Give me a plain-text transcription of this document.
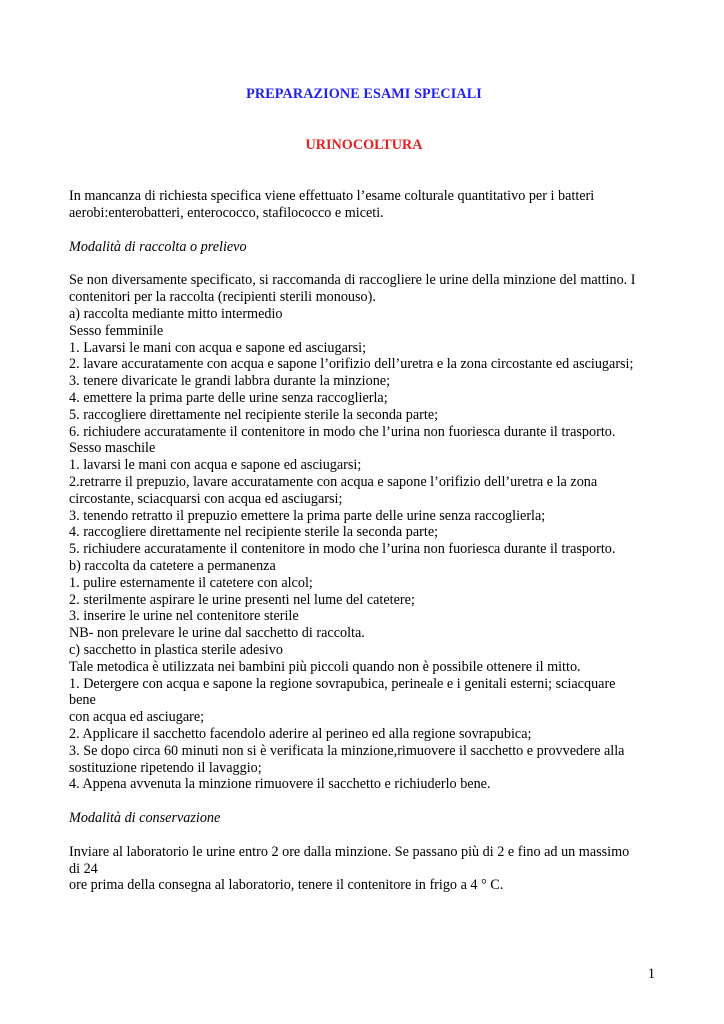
PREPARAZIONE ESAMI SPECIALI
URINOCOLTURA

In mancanza di richiesta specifica viene effettuato l’esame colturale quantitativo per i batteri

aerobi:enterobatteri, enterococco, stafilococco e miceti.

Modalità di raccolta o prelievo

Se non diversamente specificato, si raccomanda di raccogliere le urine della minzione del mattino. I

contenitori per la raccolta (recipienti sterili monouso).

a) raccolta mediante mitto intermedio

Sesso femminile

1. Lavarsi le mani con acqua e sapone ed asciugarsi;

2. lavare accuratamente con acqua e sapone l’orifizio dell’uretra e la zona circostante ed asciugarsi;

3. tenere divaricate le grandi labbra durante la minzione;

4. emettere la prima parte delle urine senza raccoglierla;

5. raccogliere direttamente nel recipiente sterile la seconda parte;

6. richiudere accuratamente il contenitore in modo che l’urina non fuoriesca durante il trasporto.

Sesso maschile

1. lavarsi le mani con acqua e sapone ed asciugarsi;

2.retrarre il prepuzio, lavare accuratamente con acqua e sapone l’orifizio dell’uretra e la zona

circostante, sciacquarsi con acqua ed asciugarsi;

3. tenendo retratto il prepuzio emettere la prima parte delle urine senza raccoglierla;

4. raccogliere direttamente nel recipiente sterile la seconda parte;

5. richiudere accuratamente il contenitore in modo che l’urina non fuoriesca durante il trasporto.

b) raccolta da catetere a permanenza

1. pulire esternamente il catetere con alcol;

2. sterilmente aspirare le urine presenti nel lume del catetere;

3. inserire le urine nel contenitore sterile

NB- non prelevare le urine dal sacchetto di raccolta.

c) sacchetto in plastica sterile adesivo

Tale metodica è utilizzata nei bambini più piccoli quando non è possibile ottenere il mitto.

1. Detergere con acqua e sapone la regione sovrapubica, perineale e i genitali esterni; sciacquare

bene

con acqua ed asciugare;

2. Applicare il sacchetto facendolo aderire al perineo ed alla regione sovrapubica;

3. Se dopo circa 60 minuti non si è verificata la minzione,rimuovere il sacchetto e provvedere alla

sostituzione ripetendo il lavaggio;

4. Appena avvenuta la minzione rimuovere il sacchetto e richiuderlo bene.

Modalità di conservazione

Inviare al laboratorio le urine entro 2 ore dalla minzione. Se passano più di 2 e fino ad un massimo

di 24

ore prima della consegna al laboratorio, tenere il contenitore in frigo a 4 ° C.

1
